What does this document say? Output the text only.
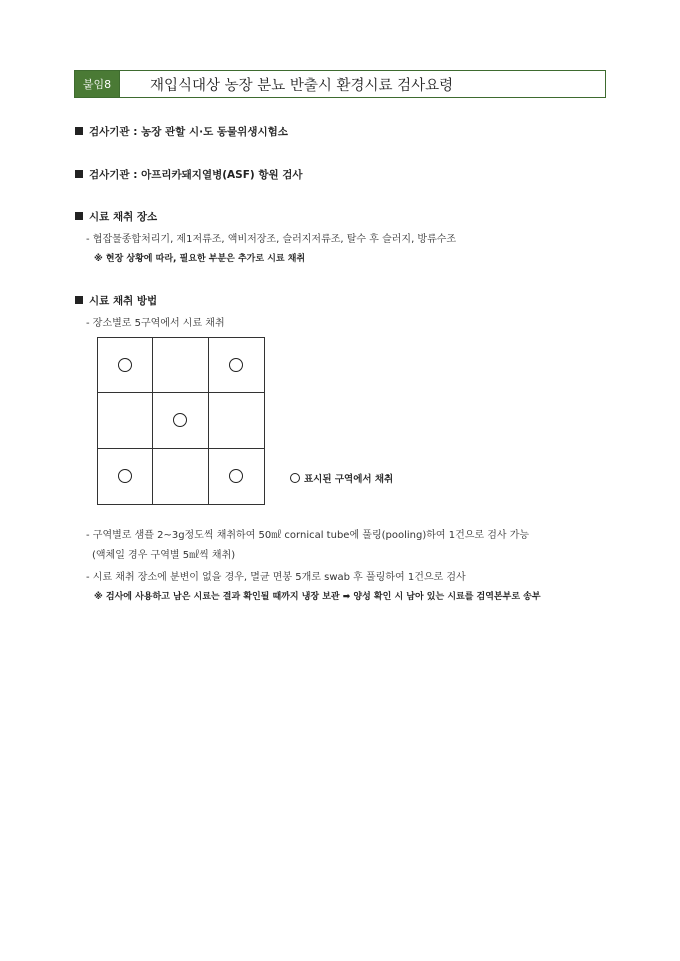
붙임8	재입식대상 농장 분뇨 반출시 환경시료 검사요령
검사기관 : 농장 관할 시·도 동물위생시험소
검사기관 : 아프리카돼지열병(ASF) 항원 검사
시료 채취 장소
- 협잡물종합처리기, 제1저류조, 액비저장조, 슬러지저류조, 탈수 후 슬러지, 방류수조
※ 현장 상황에 따라, 필요한 부분은 추가로 시료 채취
시료 채취 방법
- 장소별로 5구역에서 시료 채취
표시된 구역에서 채취
- 구역별로 샘플 2~3g정도씩 채취하여 50㎖ cornical tube에 풀링(pooling)하여 1건으로 검사 가능
(액체일 경우 구역별 5㎖씩 채취)
- 시료 채취 장소에 분변이 없을 경우, 멸균 면봉 5개로 swab 후 풀링하여 1건으로 검사
※ 검사에 사용하고 남은 시료는 결과 확인될 때까지 냉장 보관 ➡ 양성 확인 시 남아 있는 시료를 검역본부로 송부
